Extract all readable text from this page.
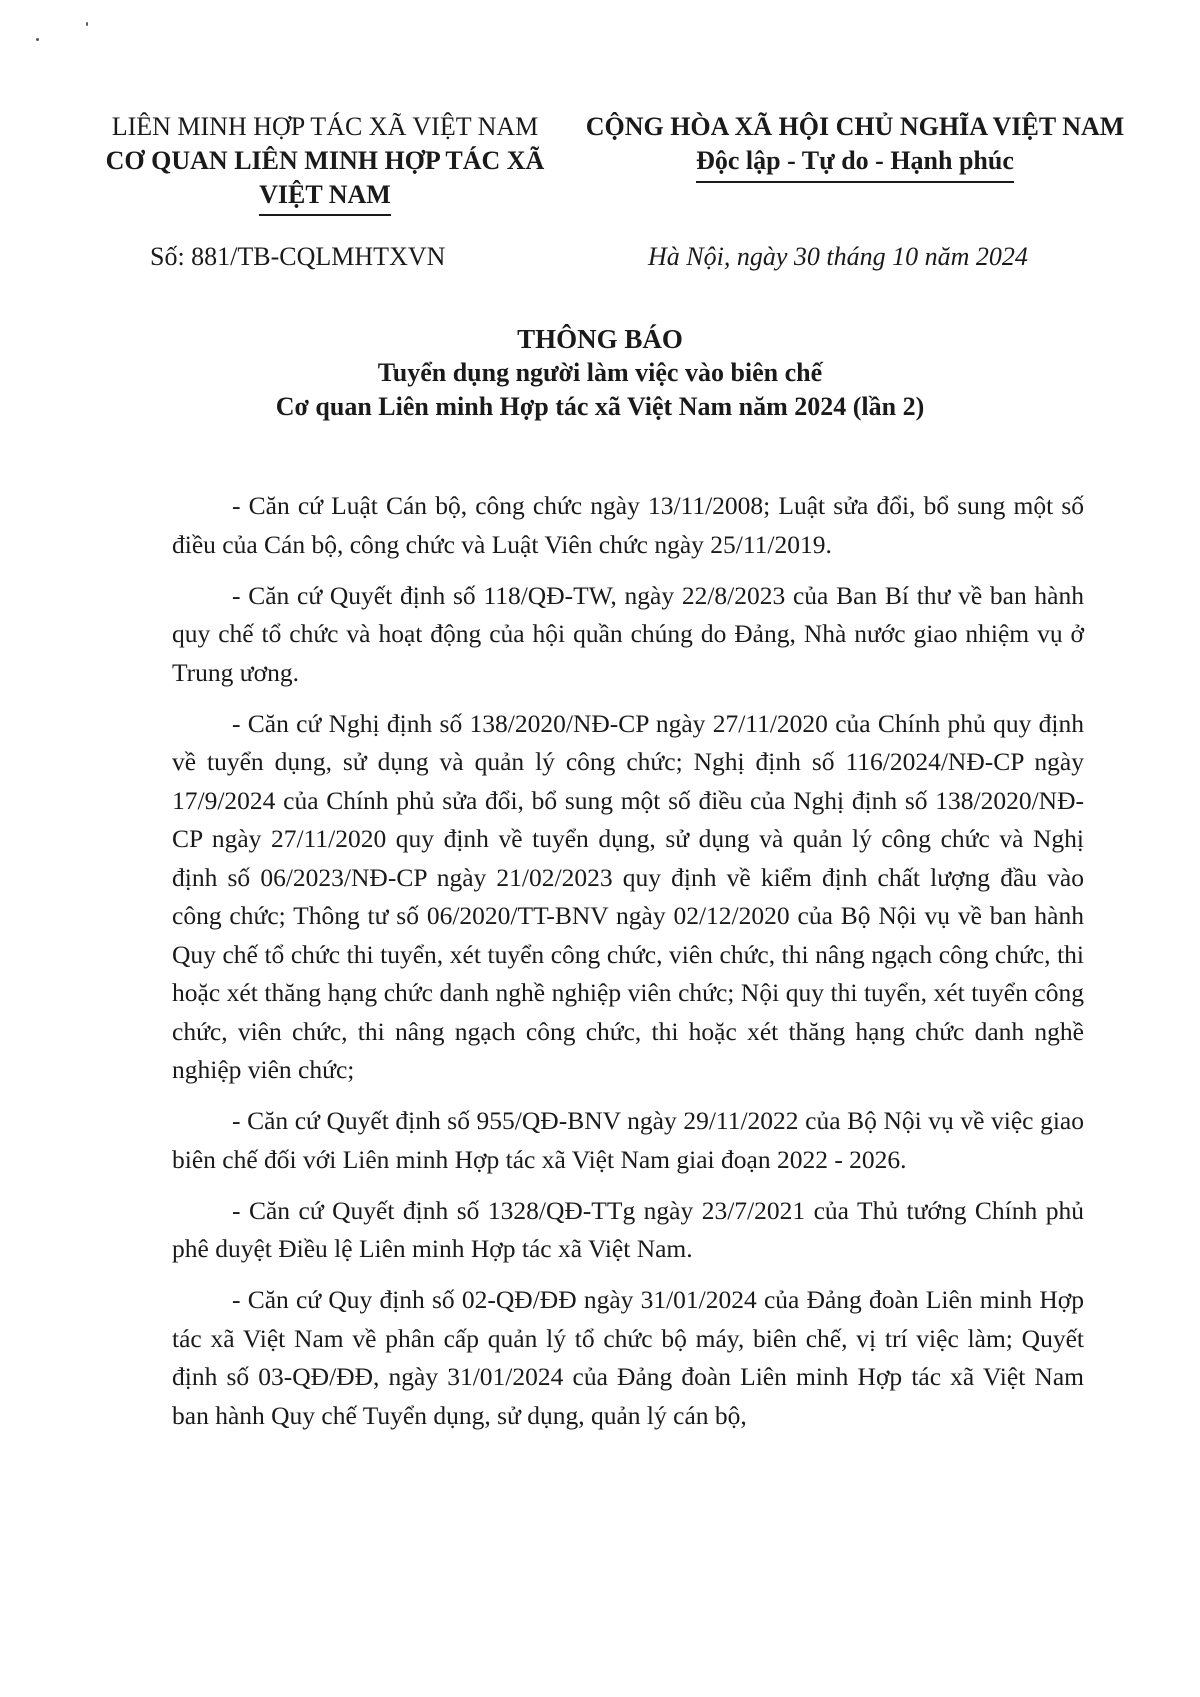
LIÊN MINH HỢP TÁC XÃ VIỆT NAM
CƠ QUAN LIÊN MINH HỢP TÁC XÃ
VIỆT NAM
CỘNG HÒA XÃ HỘI CHỦ NGHĨA VIỆT NAM
Độc lập - Tự do - Hạnh phúc
Số: 881/TB-CQLMHTXVN	Hà Nội, ngày 30 tháng 10 năm 2024
THÔNG BÁO
Tuyển dụng người làm việc vào biên chế
Cơ quan Liên minh Hợp tác xã Việt Nam năm 2024 (lần 2)

- Căn cứ Luật Cán bộ, công chức ngày 13/11/2008; Luật sửa đổi, bổ sung một số điều của Cán bộ, công chức và Luật Viên chức ngày 25/11/2019.

- Căn cứ Quyết định số 118/QĐ-TW, ngày 22/8/2023 của Ban Bí thư về ban hành quy chế tổ chức và hoạt động của hội quần chúng do Đảng, Nhà nước giao nhiệm vụ ở Trung ương.

- Căn cứ Nghị định số 138/2020/NĐ-CP ngày 27/11/2020 của Chính phủ quy định về tuyển dụng, sử dụng và quản lý công chức; Nghị định số 116/2024/NĐ-CP ngày 17/9/2024 của Chính phủ sửa đổi, bổ sung một số điều của Nghị định số 138/2020/NĐ-CP ngày 27/11/2020 quy định về tuyển dụng, sử dụng và quản lý công chức và Nghị định số 06/2023/NĐ-CP ngày 21/02/2023 quy định về kiểm định chất lượng đầu vào công chức; Thông tư số 06/2020/TT-BNV ngày 02/12/2020 của Bộ Nội vụ về ban hành Quy chế tổ chức thi tuyển, xét tuyển công chức, viên chức, thi nâng ngạch công chức, thi hoặc xét thăng hạng chức danh nghề nghiệp viên chức; Nội quy thi tuyển, xét tuyển công chức, viên chức, thi nâng ngạch công chức, thi hoặc xét thăng hạng chức danh nghề nghiệp viên chức;

- Căn cứ Quyết định số 955/QĐ-BNV ngày 29/11/2022 của Bộ Nội vụ về việc giao biên chế đối với Liên minh Hợp tác xã Việt Nam giai đoạn 2022 - 2026.

- Căn cứ Quyết định số 1328/QĐ-TTg ngày 23/7/2021 của Thủ tướng Chính phủ phê duyệt Điều lệ Liên minh Hợp tác xã Việt Nam.

- Căn cứ Quy định số 02-QĐ/ĐĐ ngày 31/01/2024 của Đảng đoàn Liên minh Hợp tác xã Việt Nam về phân cấp quản lý tổ chức bộ máy, biên chế, vị trí việc làm; Quyết định số 03-QĐ/ĐĐ, ngày 31/01/2024 của Đảng đoàn Liên minh Hợp tác xã Việt Nam ban hành Quy chế Tuyển dụng, sử dụng, quản lý cán bộ,
